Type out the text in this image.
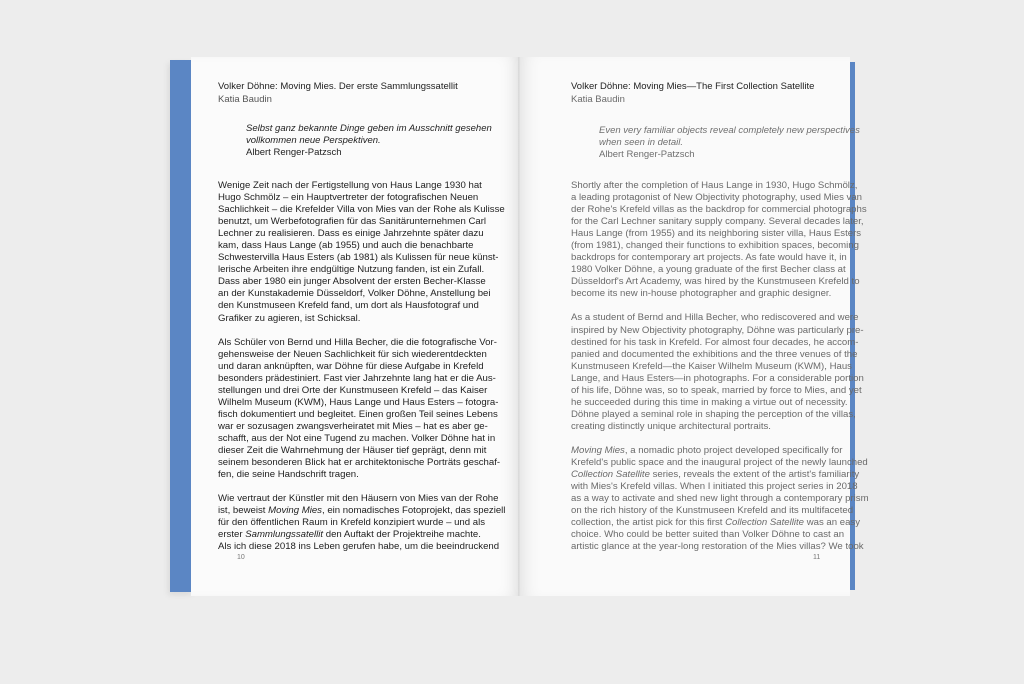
Volker Döhne: Moving Mies. Der erste Sammlungssatellit
Katia Baudin
Selbst ganz bekannte Dinge geben im Ausschnitt gesehen
vollkommen neue Perspektiven.
Albert Renger-Patzsch
Wenige Zeit nach der Fertigstellung von Haus Lange 1930 hat
Hugo Schmölz – ein Hauptvertreter der fotografischen Neuen
Sachlichkeit – die Krefelder Villa von Mies van der Rohe als Kulisse
benutzt, um Werbefotografien für das Sanitärunternehmen Carl
Lechner zu realisieren. Dass es einige Jahrzehnte später dazu
kam, dass Haus Lange (ab 1955) und auch die benachbarte
Schwestervilla Haus Esters (ab 1981) als Kulissen für neue künst-
lerische Arbeiten ihre endgültige Nutzung fanden, ist ein Zufall.
Dass aber 1980 ein junger Absolvent der ersten Becher-Klasse
an der Kunstakademie Düsseldorf, Volker Döhne, Anstellung bei
den Kunstmuseen Krefeld fand, um dort als Hausfotograf und
Grafiker zu agieren, ist Schicksal.
Als Schüler von Bernd und Hilla Becher, die die fotografische Vor-
gehensweise der Neuen Sachlichkeit für sich wiederentdeckten
und daran anknüpften, war Döhne für diese Aufgabe in Krefeld
besonders prädestiniert. Fast vier Jahrzehnte lang hat er die Aus-
stellungen und drei Orte der Kunstmuseen Krefeld – das Kaiser
Wilhelm Museum (KWM), Haus Lange und Haus Esters – fotogra-
fisch dokumentiert und begleitet. Einen großen Teil seines Lebens
war er sozusagen zwangsverheiratet mit Mies – hat es aber ge-
schafft, aus der Not eine Tugend zu machen. Volker Döhne hat in
dieser Zeit die Wahrnehmung der Häuser tief geprägt, denn mit
seinem besonderen Blick hat er architektonische Porträts geschaf-
fen, die seine Handschrift tragen.
Wie vertraut der Künstler mit den Häusern von Mies van der Rohe
ist, beweist Moving Mies, ein nomadisches Fotoprojekt, das speziell
für den öffentlichen Raum in Krefeld konzipiert wurde – und als
erster Sammlungssatellit den Auftakt der Projektreihe machte.
Als ich diese 2018 ins Leben gerufen habe, um die beeindruckend
10
Volker Döhne: Moving Mies—The First Collection Satellite
Katia Baudin
Even very familiar objects reveal completely new perspectives
when seen in detail.
Albert Renger-Patzsch
Shortly after the completion of Haus Lange in 1930, Hugo Schmölz,
a leading protagonist of New Objectivity photography, used Mies van
der Rohe's Krefeld villas as the backdrop for commercial photographs
for the Carl Lechner sanitary supply company. Several decades later,
Haus Lange (from 1955) and its neighboring sister villa, Haus Esters
(from 1981), changed their functions to exhibition spaces, becoming
backdrops for contemporary art projects. As fate would have it, in
1980 Volker Döhne, a young graduate of the first Becher class at
Düsseldorf's Art Academy, was hired by the Kunstmuseen Krefeld to
become its new in-house photographer and graphic designer.
As a student of Bernd and Hilla Becher, who rediscovered and were
inspired by New Objectivity photography, Döhne was particularly pre-
destined for his task in Krefeld. For almost four decades, he accom-
panied and documented the exhibitions and the three venues of the
Kunstmuseen Krefeld—the Kaiser Wilhelm Museum (KWM), Haus
Lange, and Haus Esters—in photographs. For a considerable portion
of his life, Döhne was, so to speak, married by force to Mies, and yet
he succeeded during this time in making a virtue out of necessity.
Döhne played a seminal role in shaping the perception of the villas,
creating distinctly unique architectural portraits.
Moving Mies, a nomadic photo project developed specifically for
Krefeld's public space and the inaugural project of the newly launched
Collection Satellite series, reveals the extent of the artist's familiarity
with Mies's Krefeld villas. When I initiated this project series in 2018
as a way to activate and shed new light through a contemporary prism
on the rich history of the Kunstmuseen Krefeld and its multifaceted
collection, the artist pick for this first Collection Satellite was an easy
choice. Who could be better suited than Volker Döhne to cast an
artistic glance at the year-long restoration of the Mies villas? We took
11
